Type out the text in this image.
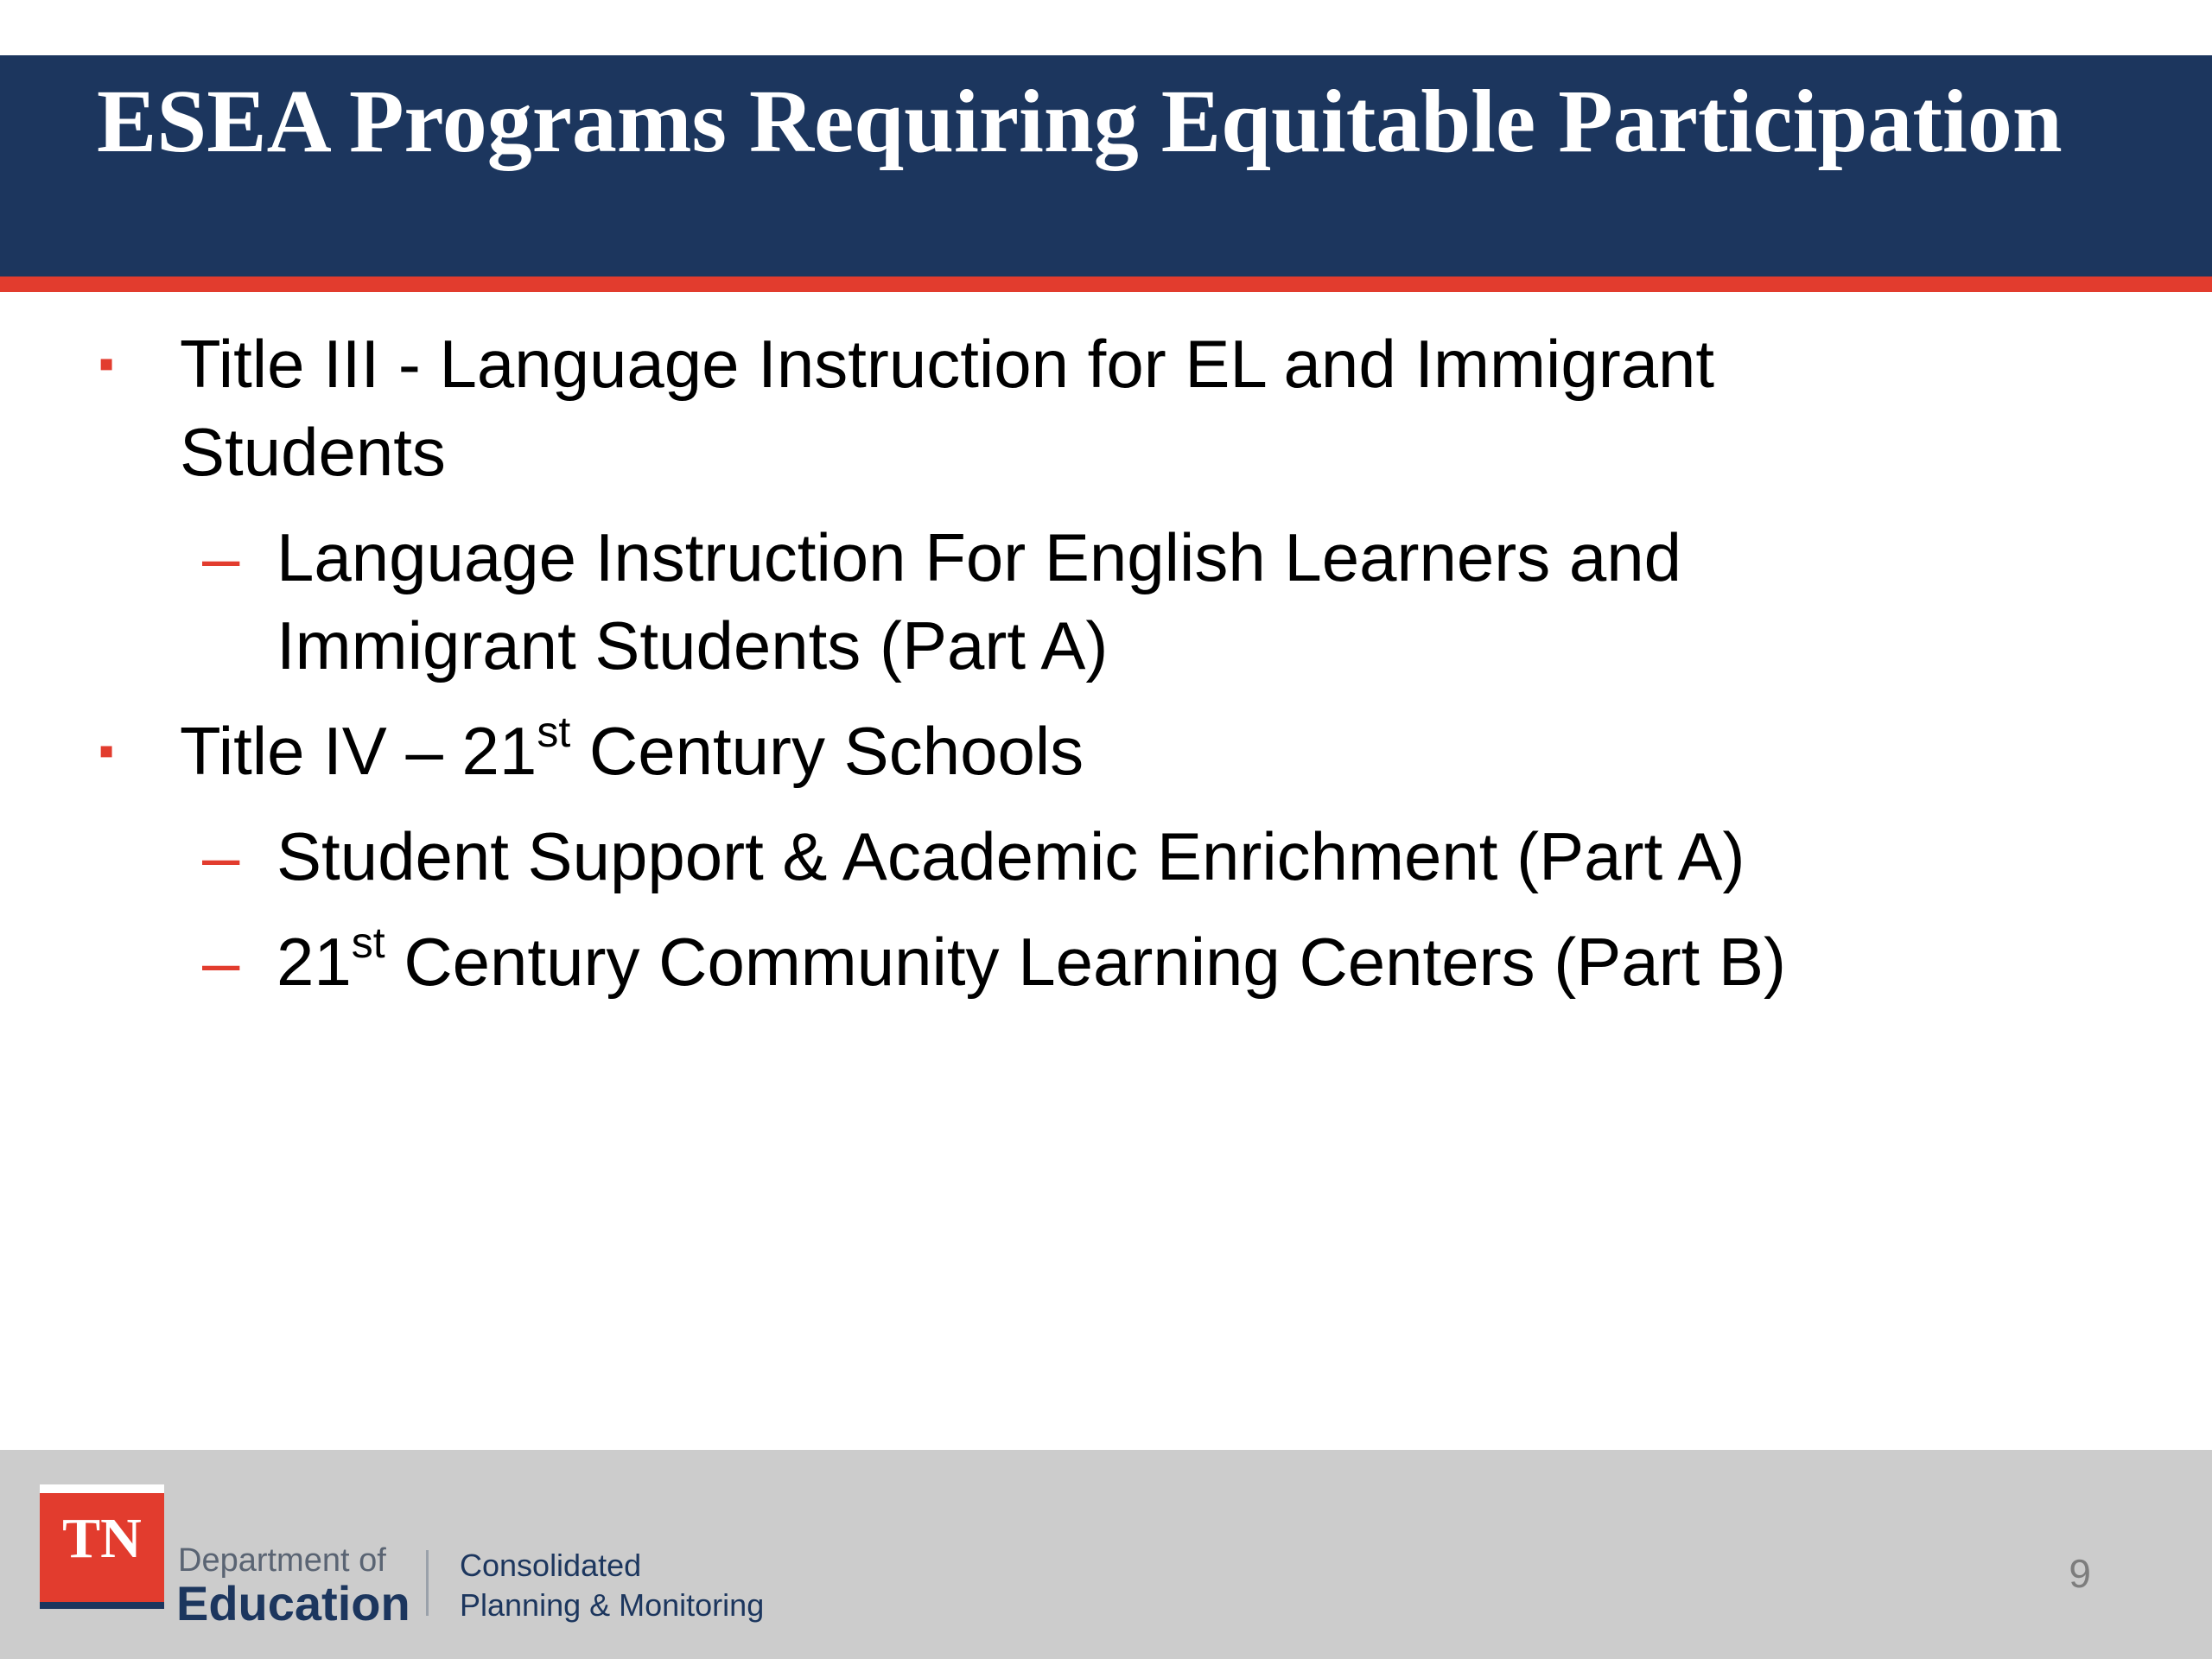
ESEA Programs Requiring Equitable Participation
▪ Title III - Language Instruction for EL and Immigrant Students
– Language Instruction For English Learners and Immigrant Students (Part A)
▪ Title IV – 21st Century Schools
– Student Support & Academic Enrichment (Part A)
– 21st Century Community Learning Centers (Part B)
TN	Department of
Education
Consolidated
Planning & Monitoring
9
